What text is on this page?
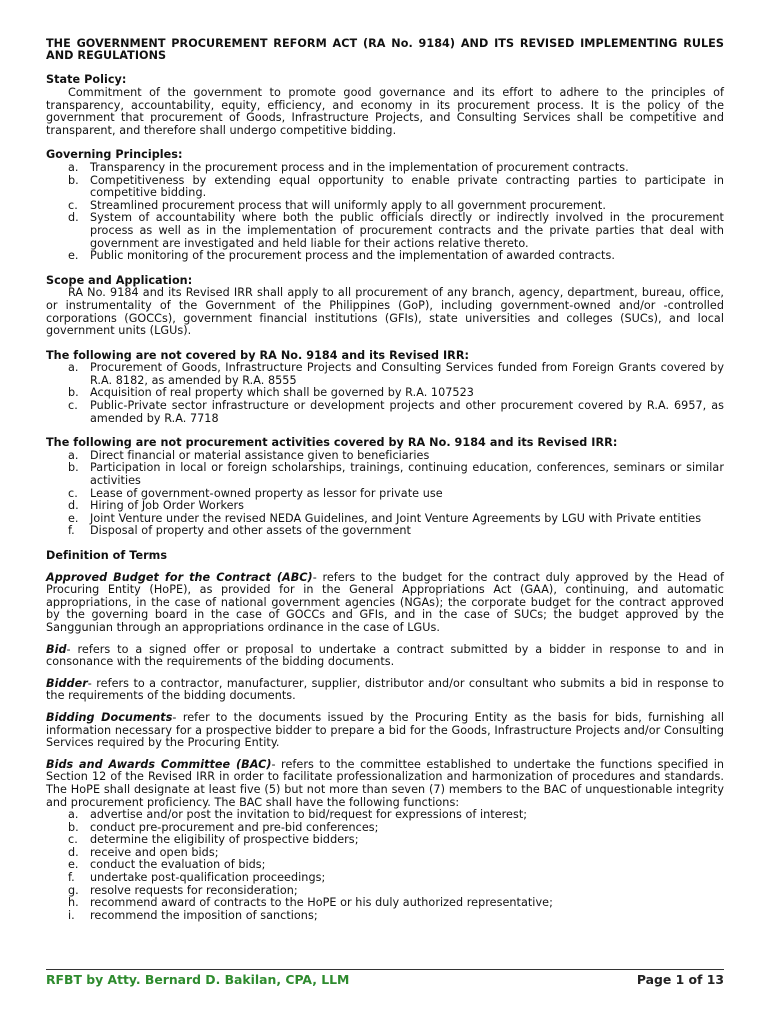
THE GOVERNMENT PROCUREMENT REFORM ACT (RA No. 9184) AND ITS REVISED IMPLEMENTING RULES AND REGULATIONS

State Policy:

Commitment of the government to promote good governance and its effort to adhere to the principles of transparency, accountability, equity, efficiency, and economy in its procurement process. It is the policy of the government that procurement of Goods, Infrastructure Projects, and Consulting Services shall be competitive and transparent, and therefore shall undergo competitive bidding.

Governing Principles:

a. Transparency in the procurement process and in the implementation of procurement contracts.
b. Competitiveness by extending equal opportunity to enable private contracting parties to participate in competitive bidding.
c. Streamlined procurement process that will uniformly apply to all government procurement.
d. System of accountability where both the public officials directly or indirectly involved in the procurement process as well as in the implementation of procurement contracts and the private parties that deal with government are investigated and held liable for their actions relative thereto.
e. Public monitoring of the procurement process and the implementation of awarded contracts.

Scope and Application:

RA No. 9184 and its Revised IRR shall apply to all procurement of any branch, agency, department, bureau, office, or instrumentality of the Government of the Philippines (GoP), including government-owned and/or -controlled corporations (GOCCs), government financial institutions (GFIs), state universities and colleges (SUCs), and local government units (LGUs).

The following are not covered by RA No. 9184 and its Revised IRR:

a. Procurement of Goods, Infrastructure Projects and Consulting Services funded from Foreign Grants covered by R.A. 8182, as amended by R.A. 8555
b. Acquisition of real property which shall be governed by R.A. 107523
c. Public-Private sector infrastructure or development projects and other procurement covered by R.A. 6957, as amended by R.A. 7718

The following are not procurement activities covered by RA No. 9184 and its Revised IRR:

a. Direct financial or material assistance given to beneficiaries
b. Participation in local or foreign scholarships, trainings, continuing education, conferences, seminars or similar activities
c. Lease of government-owned property as lessor for private use
d. Hiring of Job Order Workers
e. Joint Venture under the revised NEDA Guidelines, and Joint Venture Agreements by LGU with Private entities
f. Disposal of property and other assets of the government

Definition of Terms

Approved Budget for the Contract (ABC)- refers to the budget for the contract duly approved by the Head of Procuring Entity (HoPE), as provided for in the General Appropriations Act (GAA), continuing, and automatic appropriations, in the case of national government agencies (NGAs); the corporate budget for the contract approved by the governing board in the case of GOCCs and GFIs, and in the case of SUCs; the budget approved by the Sanggunian through an appropriations ordinance in the case of LGUs.

Bid- refers to a signed offer or proposal to undertake a contract submitted by a bidder in response to and in consonance with the requirements of the bidding documents.

Bidder- refers to a contractor, manufacturer, supplier, distributor and/or consultant who submits a bid in response to the requirements of the bidding documents.

Bidding Documents- refer to the documents issued by the Procuring Entity as the basis for bids, furnishing all information necessary for a prospective bidder to prepare a bid for the Goods, Infrastructure Projects and/or Consulting Services required by the Procuring Entity.

Bids and Awards Committee (BAC)- refers to the committee established to undertake the functions specified in Section 12 of the Revised IRR in order to facilitate professionalization and harmonization of procedures and standards. The HoPE shall designate at least five (5) but not more than seven (7) members to the BAC of unquestionable integrity and procurement proficiency. The BAC shall have the following functions:

a. advertise and/or post the invitation to bid/request for expressions of interest;
b. conduct pre-procurement and pre-bid conferences;
c. determine the eligibility of prospective bidders;
d. receive and open bids;
e. conduct the evaluation of bids;
f. undertake post-qualification proceedings;
g. resolve requests for reconsideration;
h. recommend award of contracts to the HoPE or his duly authorized representative;
i. recommend the imposition of sanctions;
RFBT by Atty. Bernard D. Bakilan, CPA, LLM	Page 1 of 13
